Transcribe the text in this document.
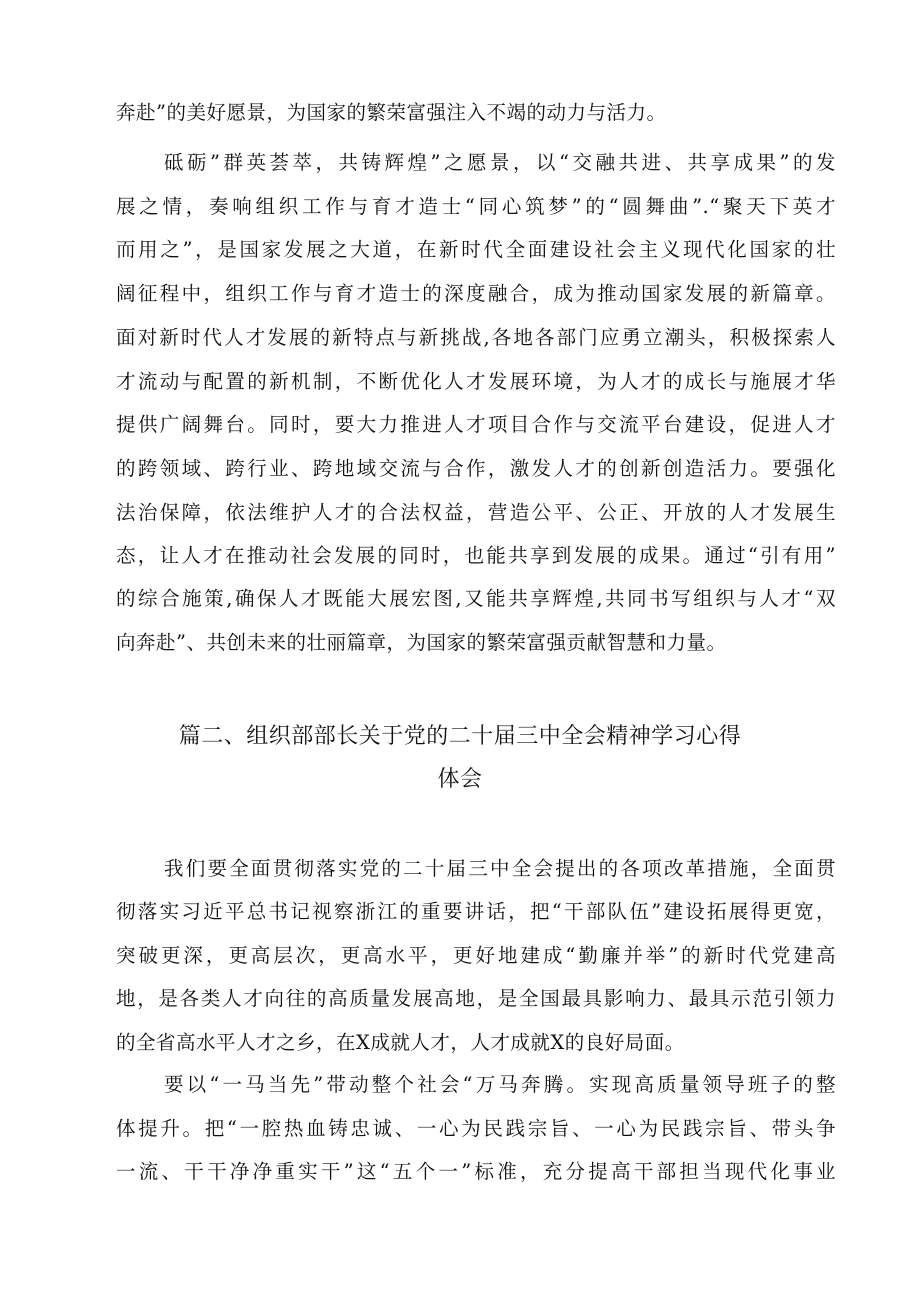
奔赴”的美好愿景，为国家的繁荣富强注入不竭的动力与活力。
砥砺”群英荟萃，共铸辉煌”之愿景，以“交融共进、共享成果”的发
展之情，奏响组织工作与育才造士“同心筑梦”的“圆舞曲”.“聚天下英才
而用之”，是国家发展之大道，在新时代全面建设社会主义现代化国家的壮
阔征程中，组织工作与育才造士的深度融合，成为推动国家发展的新篇章。
面对新时代人才发展的新特点与新挑战,各地各部门应勇立潮头，积极探索人
才流动与配置的新机制，不断优化人才发展环境，为人才的成长与施展才华
提供广阔舞台。同时，要大力推进人才项目合作与交流平台建设，促进人才
的跨领域、跨行业、跨地域交流与合作，激发人才的创新创造活力。要强化
法治保障，依法维护人才的合法权益，营造公平、公正、开放的人才发展生
态，让人才在推动社会发展的同时，也能共享到发展的成果。通过“引有用”
的综合施策,确保人才既能大展宏图,又能共享辉煌,共同书写组织与人才“双
向奔赴”、共创未来的壮丽篇章，为国家的繁荣富强贡献智慧和力量。
篇二、组织部部长关于党的二十届三中全会精神学习心得
体会
我们要全面贯彻落实党的二十届三中全会提出的各项改革措施，全面贯
彻落实习近平总书记视察浙江的重要讲话，把“干部队伍”建设拓展得更宽，
突破更深，更高层次，更高水平，更好地建成“勤廉并举”的新时代党建高
地，是各类人才向往的高质量发展高地，是全国最具影响力、最具示范引领力
的全省高水平人才之乡，在X成就人才，人才成就X的良好局面。
要以“一马当先”带动整个社会“万马奔腾。实现高质量领导班子的整
体提升。把“一腔热血铸忠诚、一心为民践宗旨、一心为民践宗旨、带头争
一流、干干净净重实干”这“五个一”标准，充分提高干部担当现代化事业
